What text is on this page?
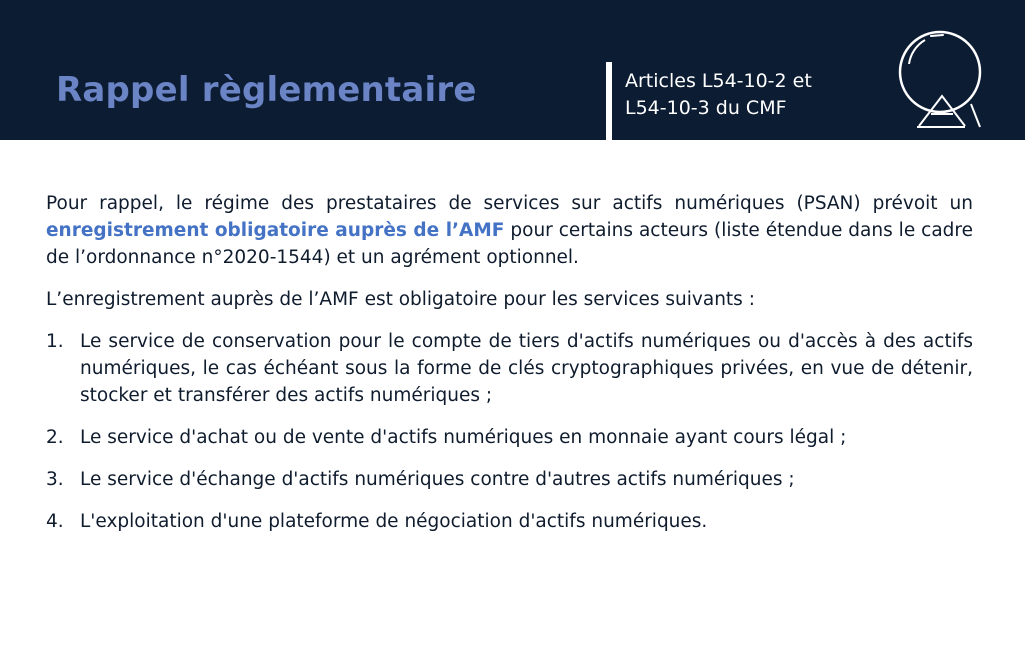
Rappel règlementaire	Articles L54-10-2 et
L54-10-3 du CMF

Pour rappel, le régime des prestataires de services sur actifs numériques (PSAN) prévoit un enregistrement obligatoire auprès de l’AMF pour certains acteurs (liste étendue dans le cadre de l’ordonnance n°2020-1544) et un agrément optionnel.

L’enregistrement auprès de l’AMF est obligatoire pour les services suivants :

1. Le service de conservation pour le compte de tiers d'actifs numériques ou d'accès à des actifs numériques, le cas échéant sous la forme de clés cryptographiques privées, en vue de détenir, stocker et transférer des actifs numériques ;
2. Le service d'achat ou de vente d'actifs numériques en monnaie ayant cours légal ;
3. Le service d'échange d'actifs numériques contre d'autres actifs numériques ;
4. L'exploitation d'une plateforme de négociation d'actifs numériques.
